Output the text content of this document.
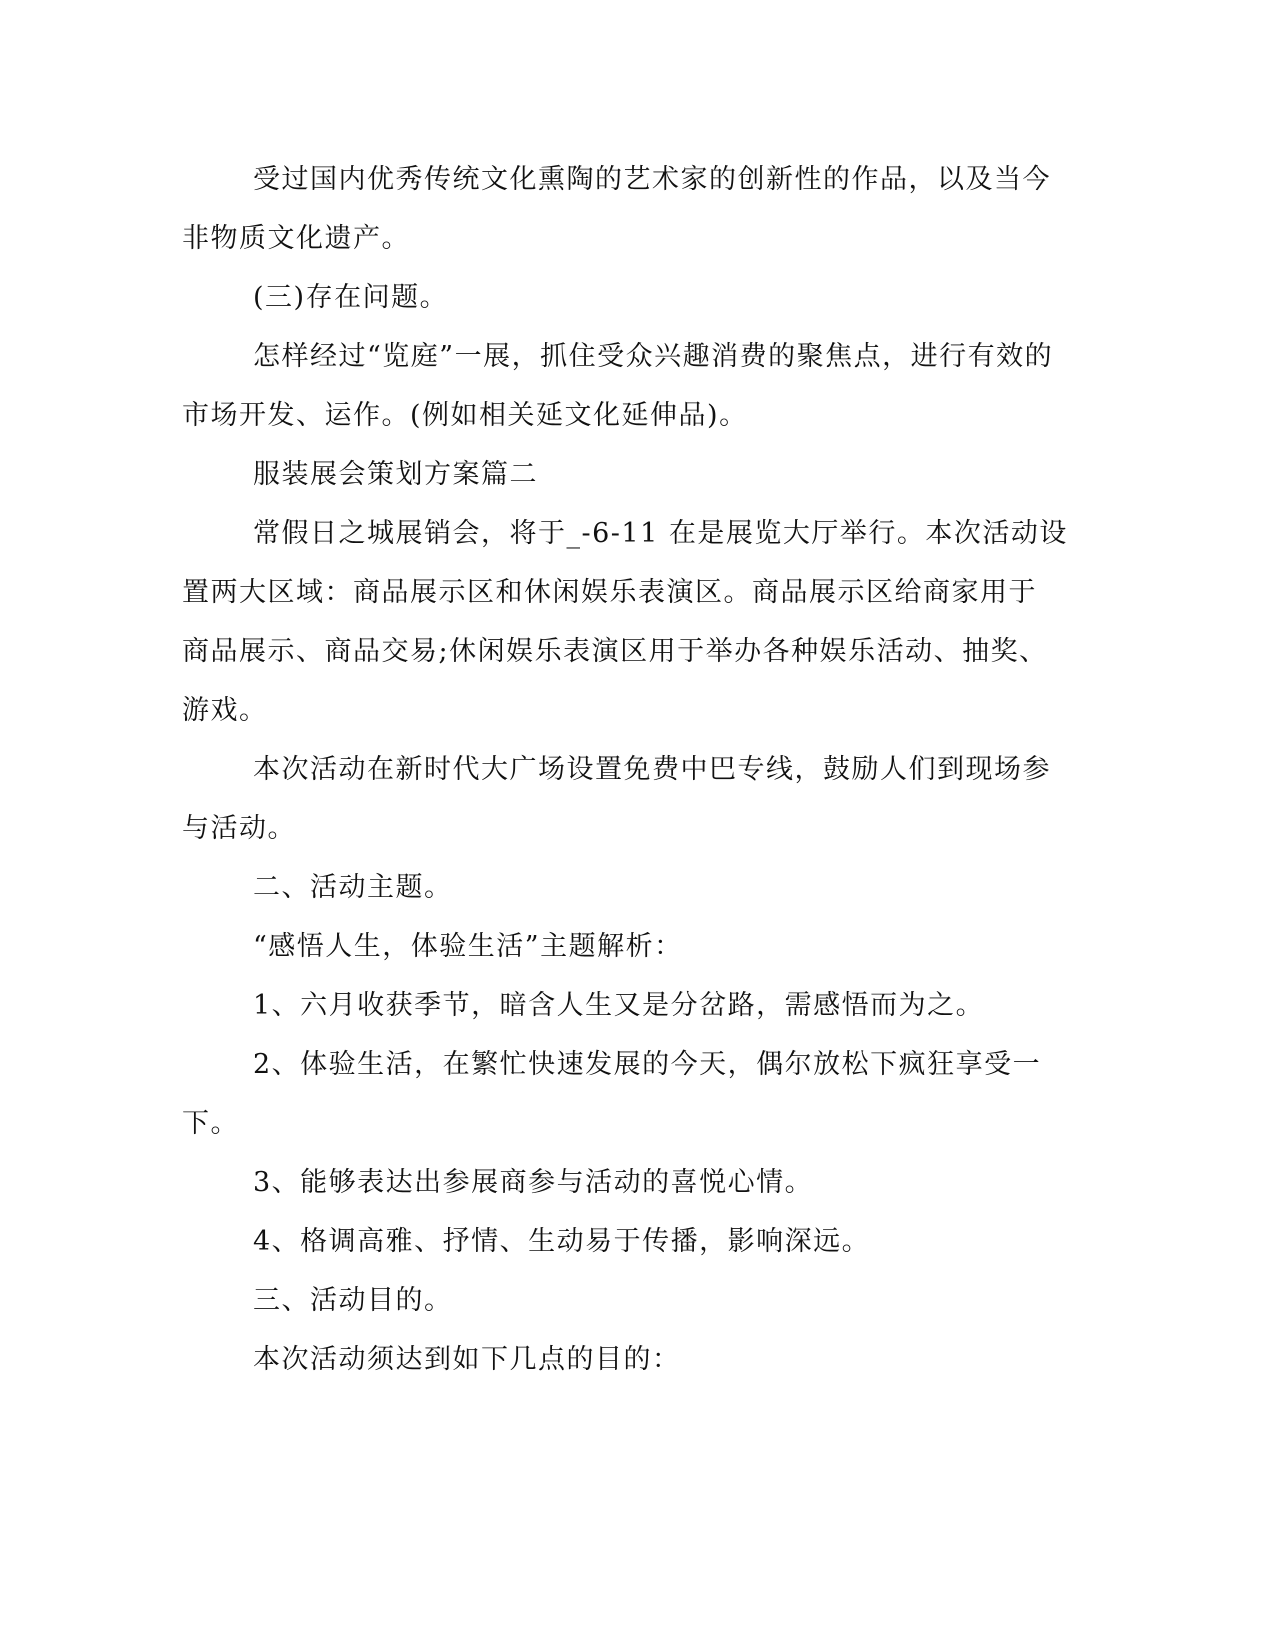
受过国内优秀传统文化熏陶的艺术家的创新性的作品，以及当今
非物质文化遗产。
(三)存在问题。
怎样经过“览庭”一展，抓住受众兴趣消费的聚焦点，进行有效的
市场开发、运作。(例如相关延文化延伸品)。
服装展会策划方案篇二
常假日之城展销会，将于_-6-11 在是展览大厅举行。本次活动设
置两大区域：商品展示区和休闲娱乐表演区。商品展示区给商家用于
商品展示、商品交易;休闲娱乐表演区用于举办各种娱乐活动、抽奖、
游戏。
本次活动在新时代大广场设置免费中巴专线，鼓励人们到现场参
与活动。
二、活动主题。
“感悟人生，体验生活”主题解析：
1、六月收获季节，暗含人生又是分岔路，需感悟而为之。
2、体验生活，在繁忙快速发展的今天，偶尔放松下疯狂享受一
下。
3、能够表达出参展商参与活动的喜悦心情。
4、格调高雅、抒情、生动易于传播，影响深远。
三、活动目的。
本次活动须达到如下几点的目的：
